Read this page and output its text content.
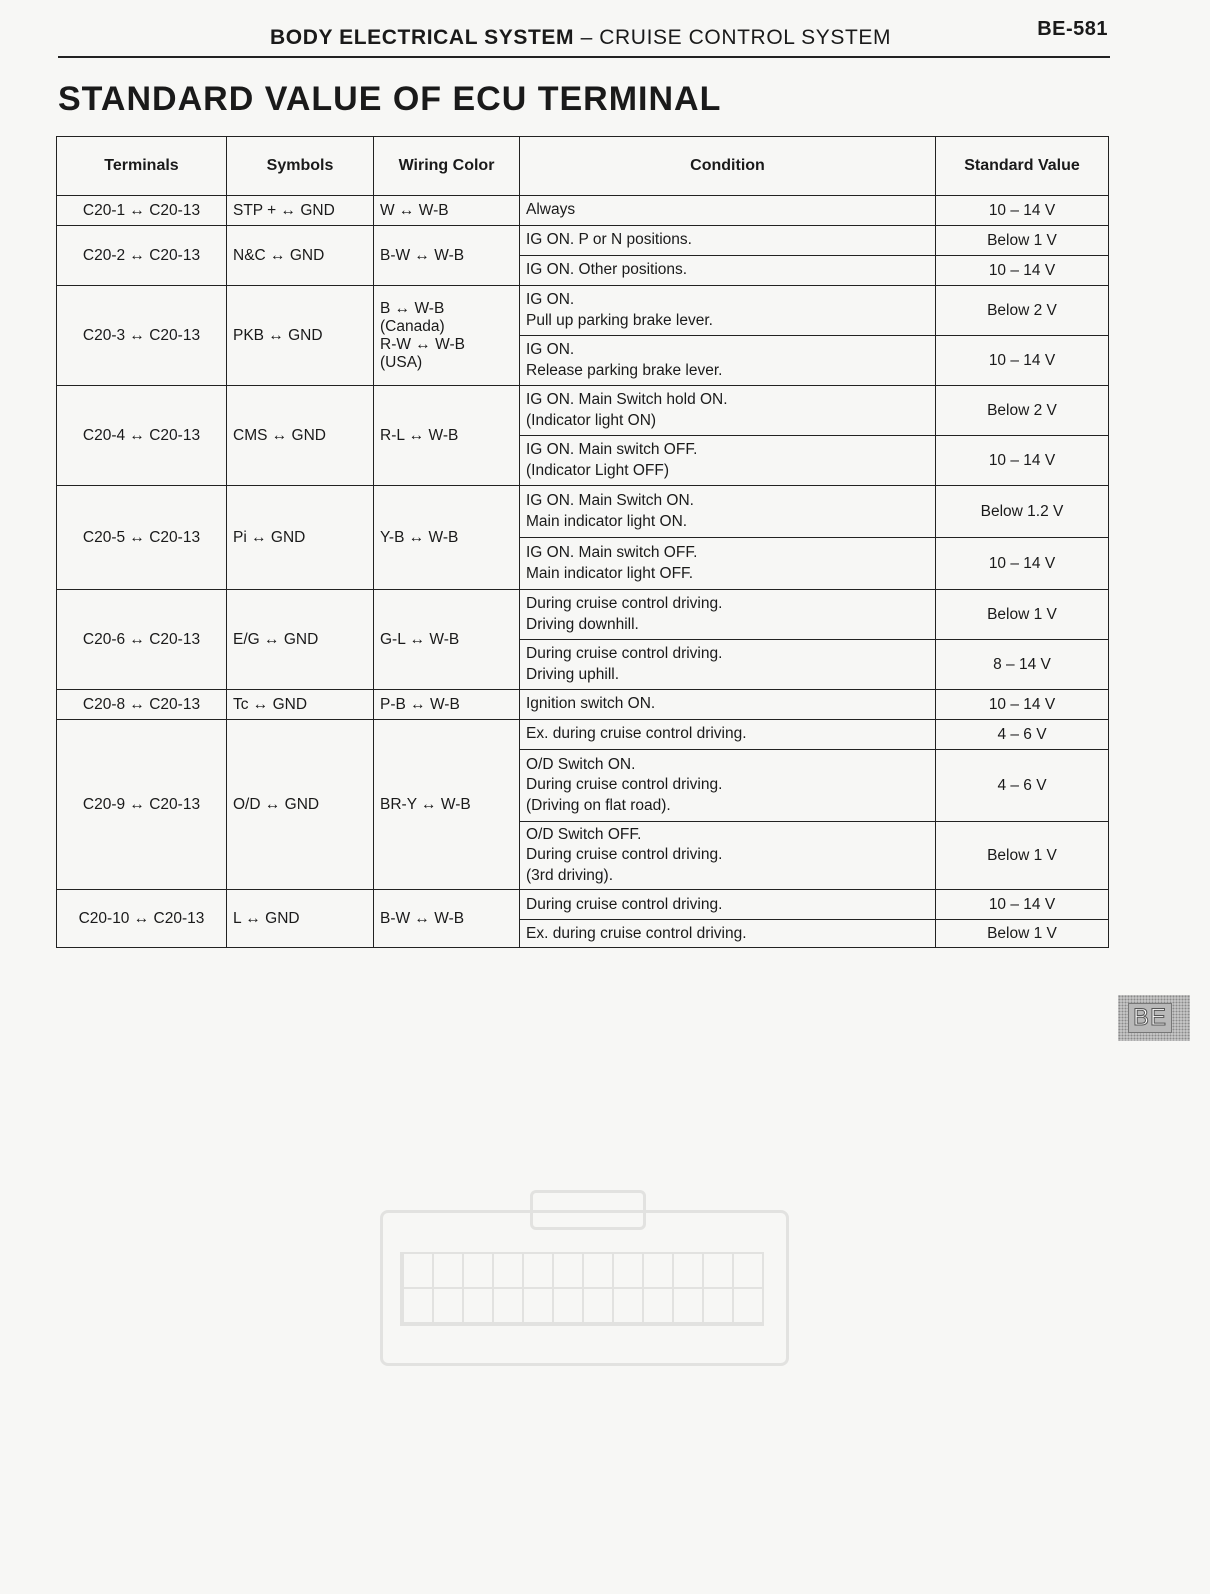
BODY ELECTRICAL SYSTEM – CRUISE CONTROL SYSTEM	BE-581
STANDARD VALUE OF ECU TERMINAL
Terminals	Symbols	Wiring Color	Condition	Standard Value
C20-1 ↔ C20-13	STP + ↔ GND	W ↔ W-B	Always	10 – 14 V
C20-2 ↔ C20-13	N&C ↔ GND	B-W ↔ W-B	IG ON. P or N positions.	Below 1 V
			IG ON. Other positions.	10 – 14 V
C20-3 ↔ C20-13	PKB ↔ GND	B ↔ W-B
(Canada)
R-W ↔ W-B
(USA)	IG ON.
Pull up parking brake lever.	Below 2 V
			IG ON.
Release parking brake lever.	10 – 14 V
C20-4 ↔ C20-13	CMS ↔ GND	R-L ↔ W-B	IG ON. Main Switch hold ON.
(Indicator light ON)	Below 2 V
			IG ON. Main switch OFF.
(Indicator Light OFF)	10 – 14 V
C20-5 ↔ C20-13	Pi ↔ GND	Y-B ↔ W-B	IG ON. Main Switch ON.
Main indicator light ON.	Below 1.2 V
			IG ON. Main switch OFF.
Main indicator light OFF.	10 – 14 V
C20-6 ↔ C20-13	E/G ↔ GND	G-L ↔ W-B	During cruise control driving.
Driving downhill.	Below 1 V
			During cruise control driving.
Driving uphill.	8 – 14 V
C20-8 ↔ C20-13	Tc ↔ GND	P-B ↔ W-B	Ignition switch ON.	10 – 14 V
C20-9 ↔ C20-13	O/D ↔ GND	BR-Y ↔ W-B	Ex. during cruise control driving.	4 – 6 V
			O/D Switch ON.
During cruise control driving.
(Driving on flat road).	4 – 6 V
			O/D Switch OFF.
During cruise control driving.
(3rd driving).	Below 1 V
C20-10 ↔ C20-13	L ↔ GND	B-W ↔ W-B	During cruise control driving.	10 – 14 V
			Ex. during cruise control driving.	Below 1 V
BE
